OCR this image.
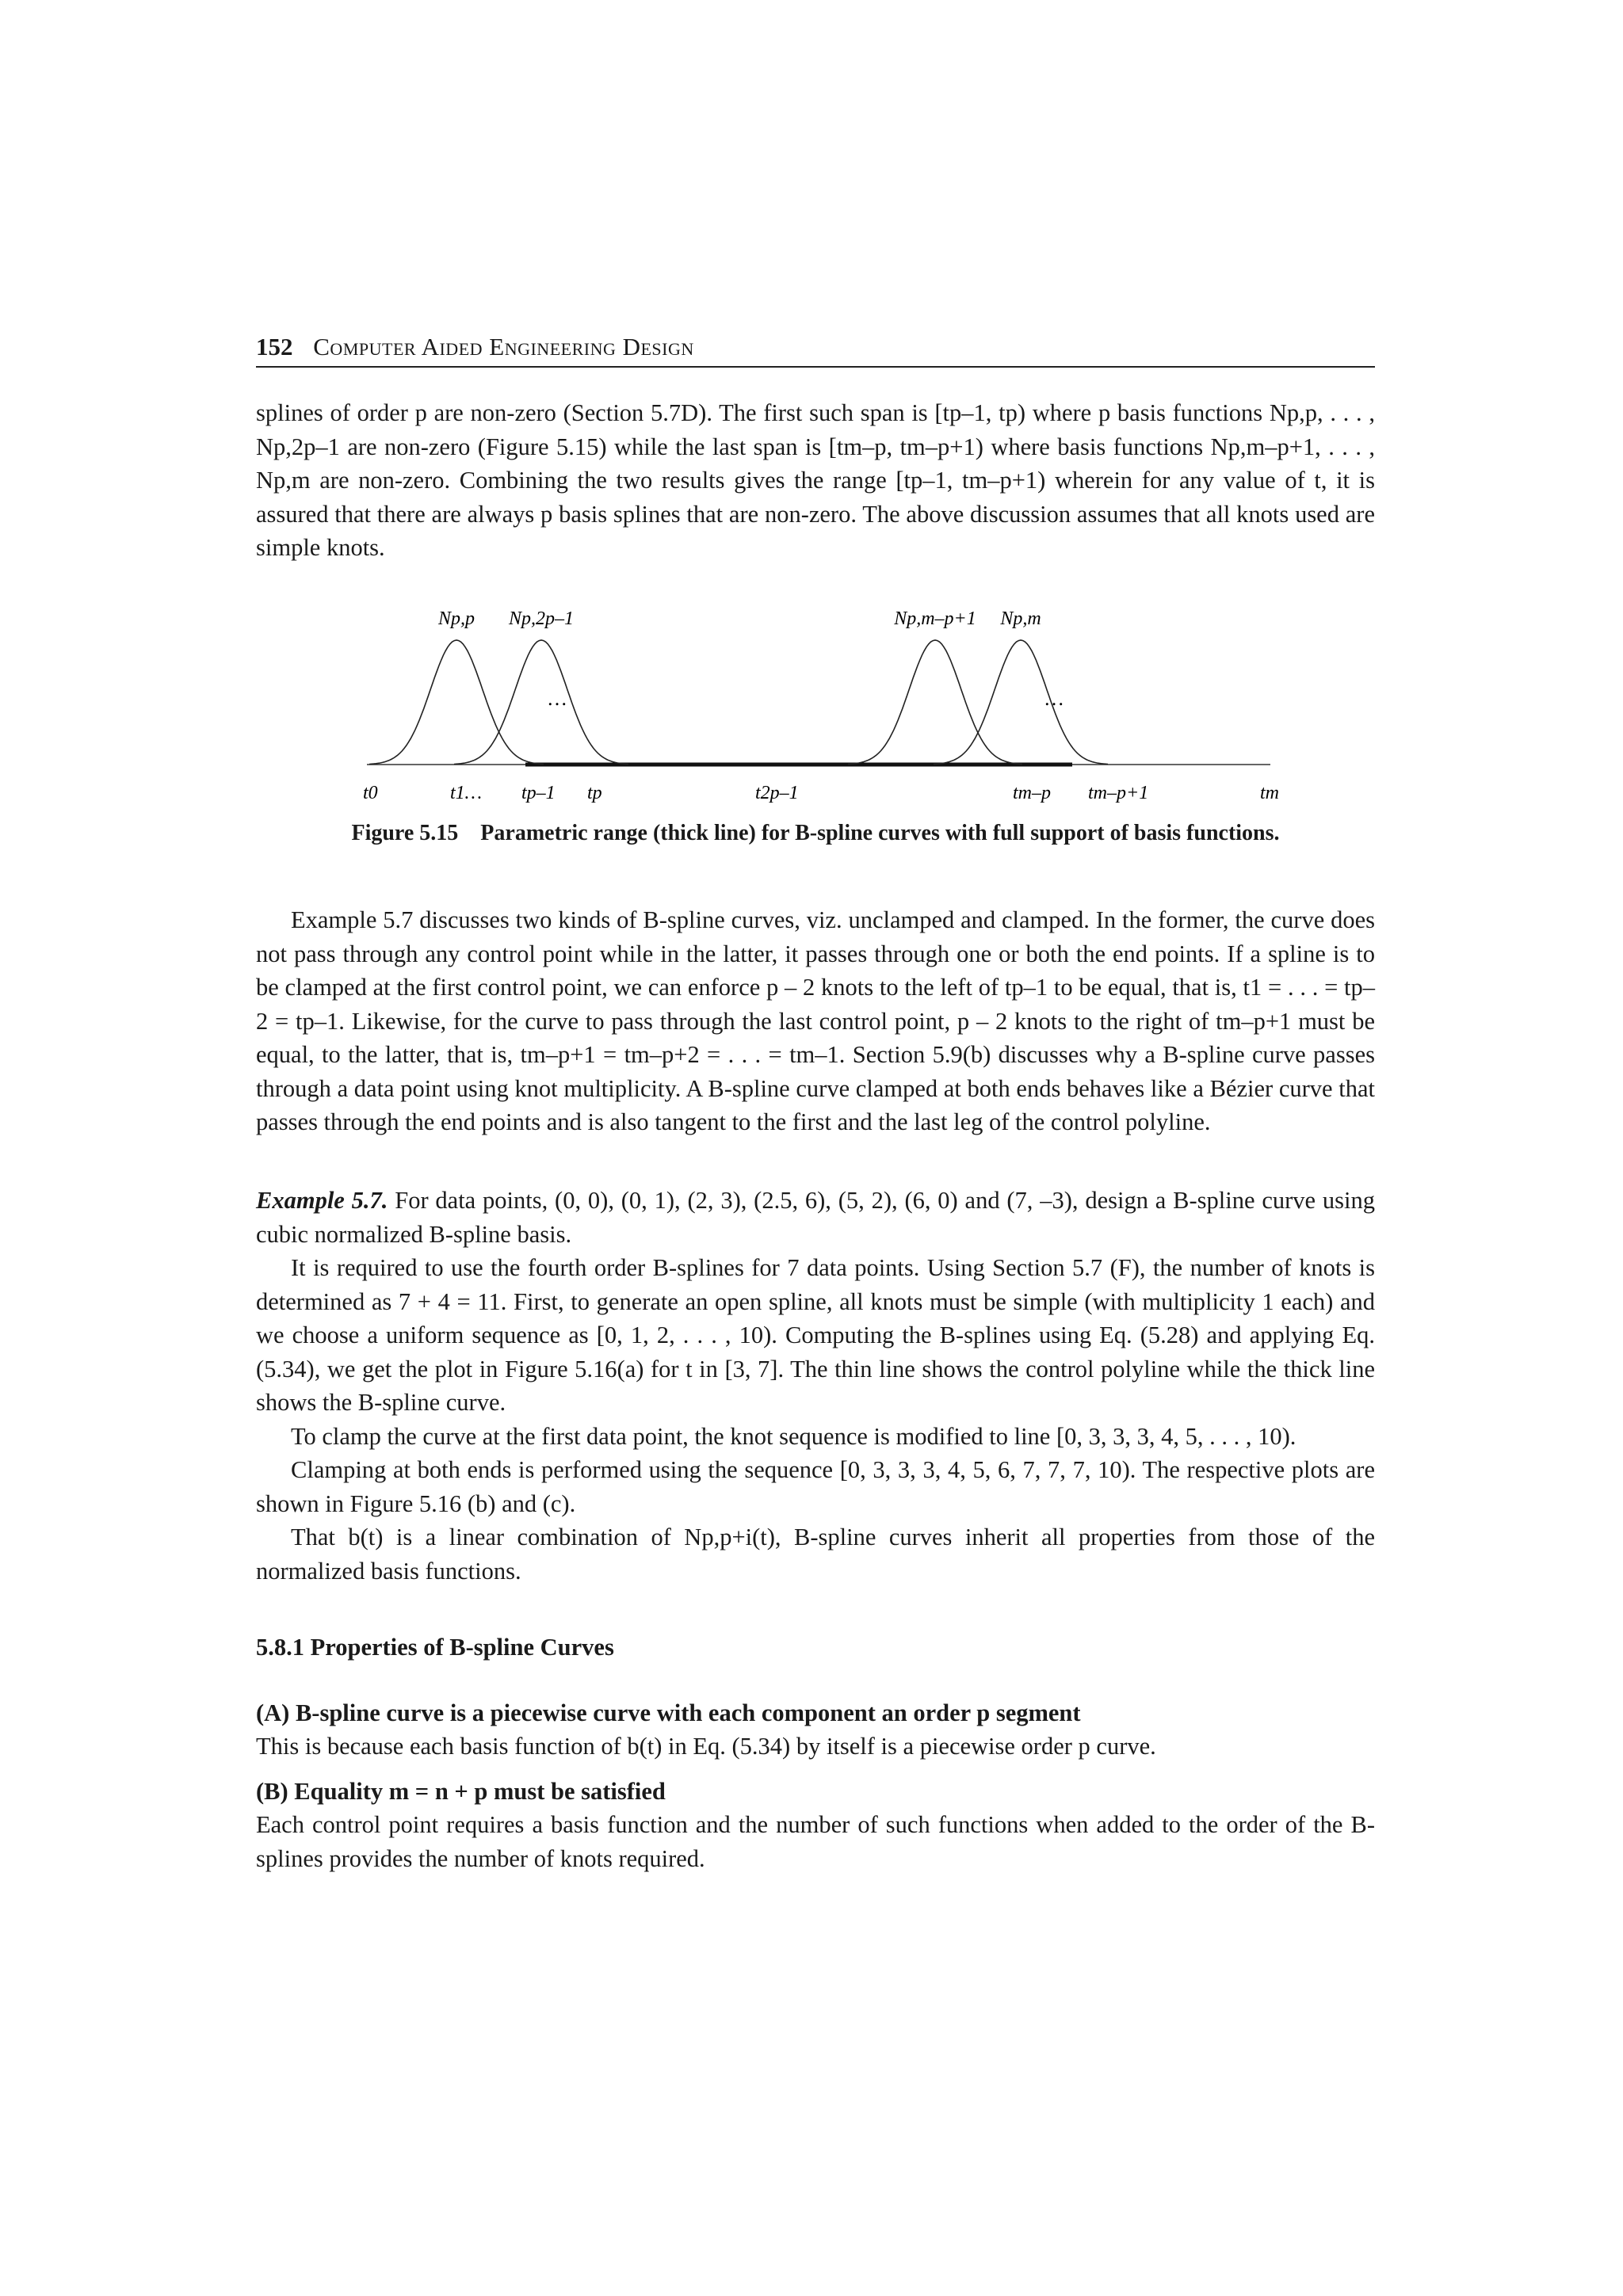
152 Computer Aided Engineering Design

splines of order p are non-zero (Section 5.7D). The first such span is [tp–1, tp) where p basis functions Np,p, . . . , Np,2p–1 are non-zero (Figure 5.15) while the last span is [tm–p, tm–p+1) where basis functions Np,m–p+1, . . . , Np,m are non-zero. Combining the two results gives the range [tp–1, tm–p+1) wherein for any value of t, it is assured that there are always p basis splines that are non-zero. The above discussion assumes that all knots used are simple knots.

Np,p Np,2p–1	Np,m–p+1 Np,m
t0	t1… tp–1 tp	t2p–1	tm–p tm–p+1	tm
…	…
Figure 5.15 Parametric range (thick line) for B-spline curves with full support of basis functions.

Example 5.7 discusses two kinds of B-spline curves, viz. unclamped and clamped. In the former, the curve does not pass through any control point while in the latter, it passes through one or both the end points. If a spline is to be clamped at the first control point, we can enforce p – 2 knots to the left of tp–1 to be equal, that is, t1 = . . . = tp–2 = tp–1. Likewise, for the curve to pass through the last control point, p – 2 knots to the right of tm–p+1 must be equal, to the latter, that is, tm–p+1 = tm–p+2 = . . . = tm–1. Section 5.9(b) discusses why a B-spline curve passes through a data point using knot multiplicity. A B-spline curve clamped at both ends behaves like a Bézier curve that passes through the end points and is also tangent to the first and the last leg of the control polyline.

Example 5.7. For data points, (0, 0), (0, 1), (2, 3), (2.5, 6), (5, 2), (6, 0) and (7, –3), design a B-spline curve using cubic normalized B-spline basis.

It is required to use the fourth order B-splines for 7 data points. Using Section 5.7 (F), the number of knots is determined as 7 + 4 = 11. First, to generate an open spline, all knots must be simple (with multiplicity 1 each) and we choose a uniform sequence as [0, 1, 2, . . . , 10). Computing the B-splines using Eq. (5.28) and applying Eq. (5.34), we get the plot in Figure 5.16(a) for t in [3, 7]. The thin line shows the control polyline while the thick line shows the B-spline curve.

To clamp the curve at the first data point, the knot sequence is modified to line [0, 3, 3, 3, 4, 5, . . . , 10).

Clamping at both ends is performed using the sequence [0, 3, 3, 3, 4, 5, 6, 7, 7, 7, 10). The respective plots are shown in Figure 5.16 (b) and (c).

That b(t) is a linear combination of Np,p+i(t), B-spline curves inherit all properties from those of the normalized basis functions.

5.8.1 Properties of B-spline Curves

(A) B-spline curve is a piecewise curve with each component an order p segment

This is because each basis function of b(t) in Eq. (5.34) by itself is a piecewise order p curve.

(B) Equality m = n + p must be satisfied

Each control point requires a basis function and the number of such functions when added to the order of the B-splines provides the number of knots required.
